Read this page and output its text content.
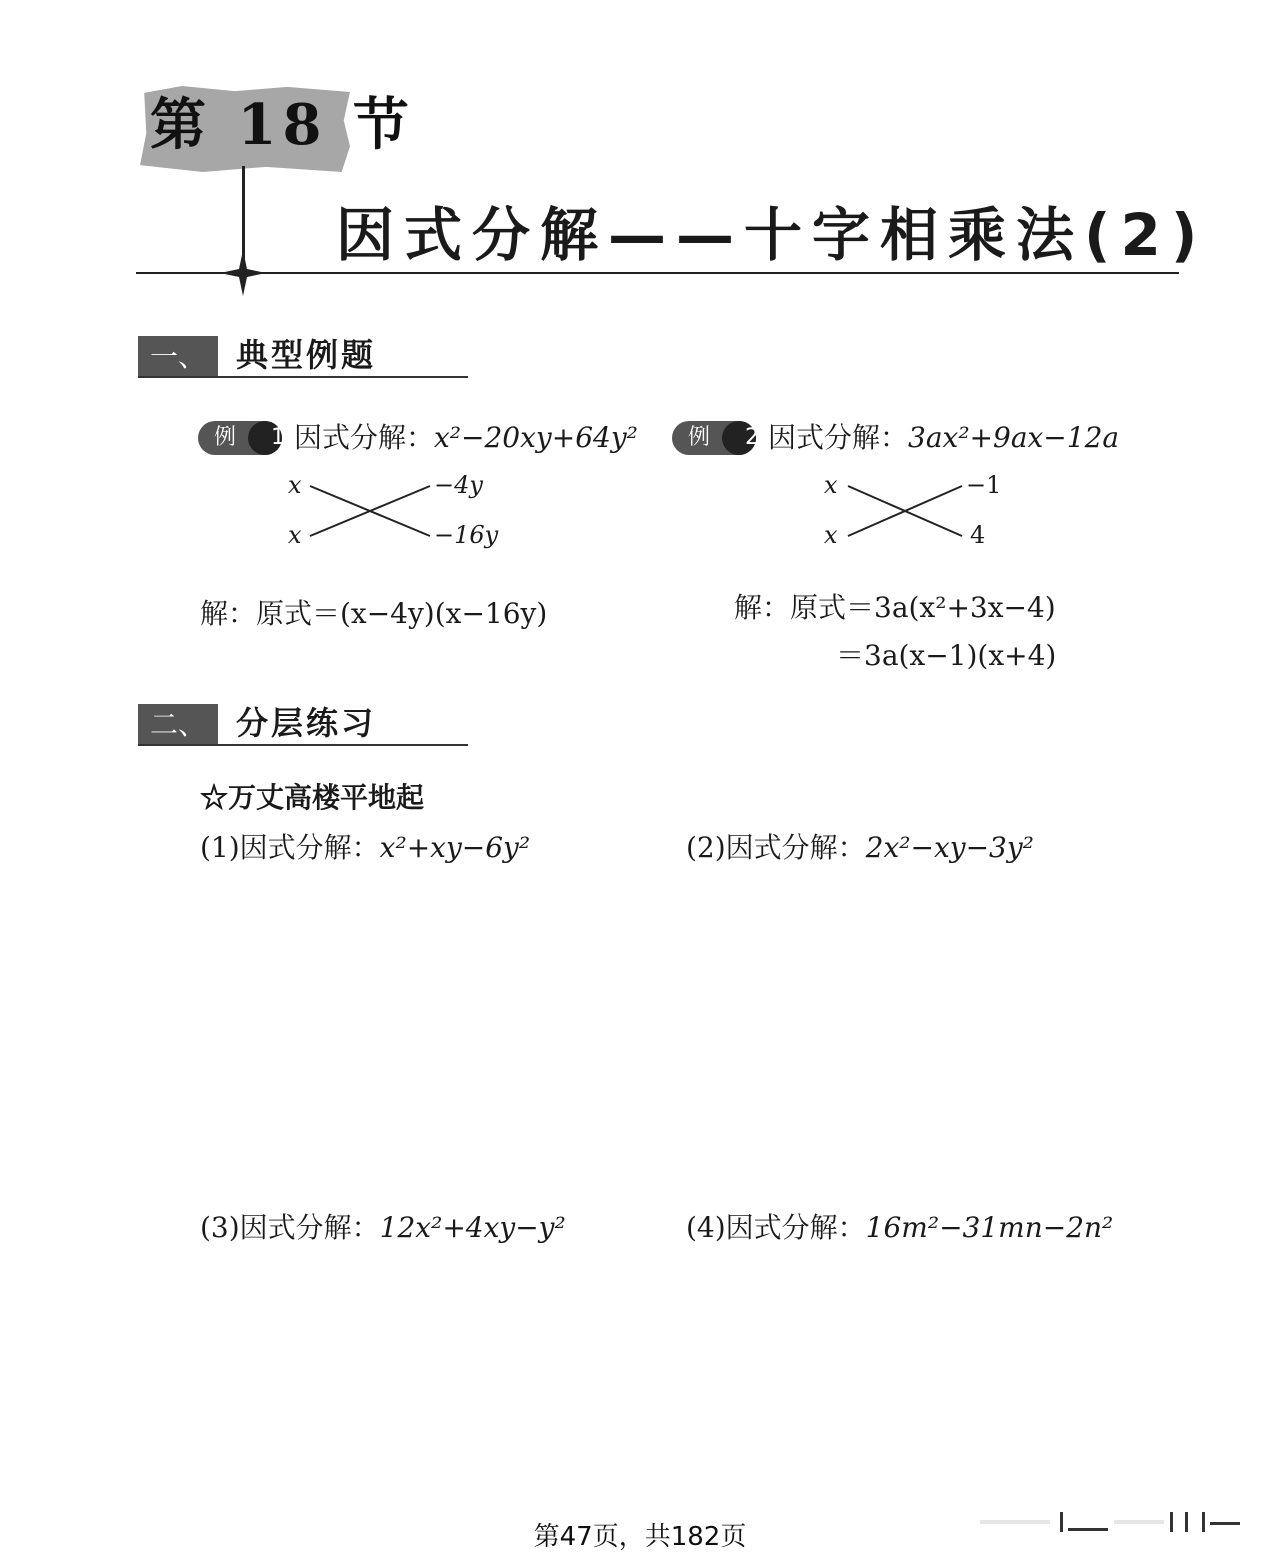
第 18 节
因式分解——十字相乘法(2)
一、 典型例题
例 1
因式分解：x²−20xy+64y²
x
x
−4y
−16y
解：原式＝(x−4y)(x−16y)
例 2
因式分解：3ax²+9ax−12a
x
x
−1
4
解：原式＝3a(x²+3x−4)
＝3a(x−1)(x+4)
二、 分层练习
☆万丈高楼平地起
(1)因式分解：x²+xy−6y²	(2)因式分解：2x²−xy−3y²
(3)因式分解：12x²+4xy−y²	(4)因式分解：16m²−31mn−2n²
第47页，共182页
